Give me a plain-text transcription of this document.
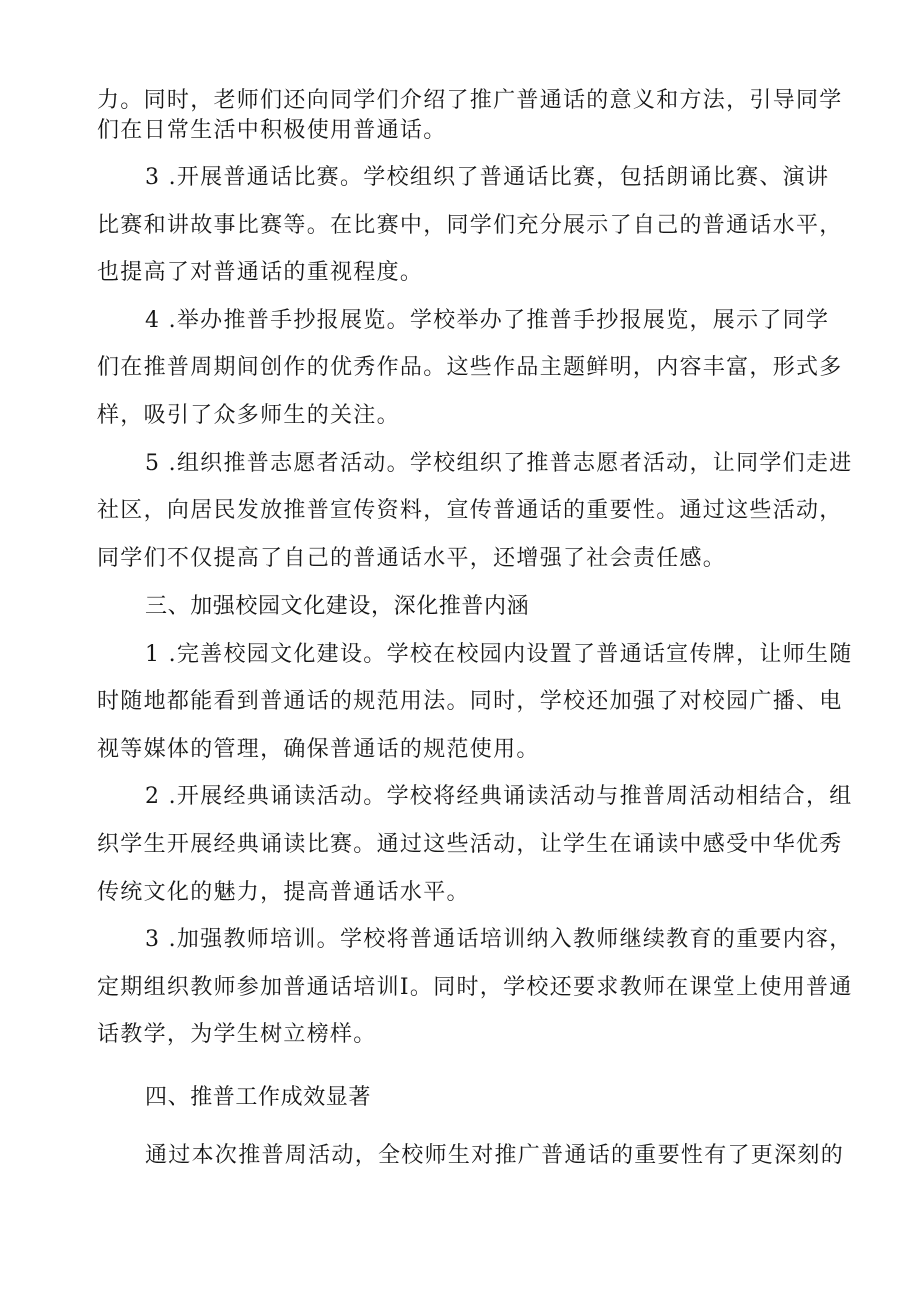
力。同时，老师们还向同学们介绍了推广普通话的意义和方法，引导同学
们在日常生活中积极使用普通话。
3 .开展普通话比赛。学校组织了普通话比赛，包括朗诵比赛、演讲
比赛和讲故事比赛等。在比赛中，同学们充分展示了自己的普通话水平，
也提高了对普通话的重视程度。
4 .举办推普手抄报展览。学校举办了推普手抄报展览，展示了同学
们在推普周期间创作的优秀作品。这些作品主题鲜明，内容丰富，形式多
样，吸引了众多师生的关注。
5 .组织推普志愿者活动。学校组织了推普志愿者活动，让同学们走进
社区，向居民发放推普宣传资料，宣传普通话的重要性。通过这些活动，
同学们不仅提高了自己的普通话水平，还增强了社会责任感。
三、加强校园文化建设，深化推普内涵
1 .完善校园文化建设。学校在校园内设置了普通话宣传牌，让师生随
时随地都能看到普通话的规范用法。同时，学校还加强了对校园广播、电
视等媒体的管理，确保普通话的规范使用。
2 .开展经典诵读活动。学校将经典诵读活动与推普周活动相结合，组
织学生开展经典诵读比赛。通过这些活动，让学生在诵读中感受中华优秀
传统文化的魅力，提高普通话水平。
3 .加强教师培训。学校将普通话培训纳入教师继续教育的重要内容，
定期组织教师参加普通话培训I。同时，学校还要求教师在课堂上使用普通
话教学，为学生树立榜样。
四、推普工作成效显著
通过本次推普周活动，全校师生对推广普通话的重要性有了更深刻的
